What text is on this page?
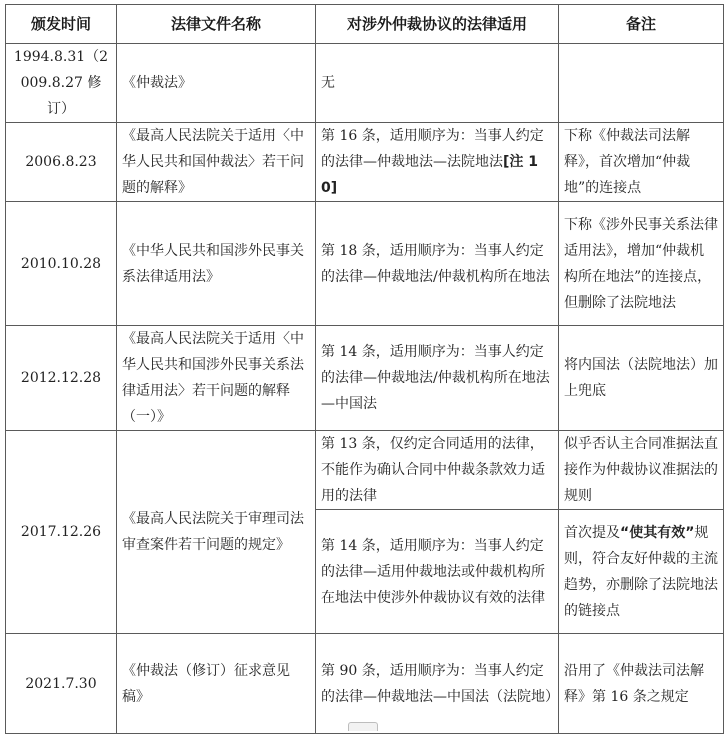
颁发时间	法律文件名称	对涉外仲裁协议的法律适用	备注
1994.8.31（2009.8.27 修订）	《仲裁法》	无	
2006.8.23	《最高人民法院关于适用〈中华人民共和国仲裁法〉若干问题的解释》	第 16 条，适用顺序为：当事人约定的法律—仲裁地法—法院地法[注 10]	下称《仲裁法司法解释》，首次增加“仲裁地”的连接点
2010.10.28	《中华人民共和国涉外民事关系法律适用法》	第 18 条，适用顺序为：当事人约定的法律—仲裁地法/仲裁机构所在地法	下称《涉外民事关系法律适用法》，增加“仲裁机构所在地法”的连接点，但删除了法院地法
2012.12.28	《最高人民法院关于适用〈中华人民共和国涉外民事关系法律适用法〉若干问题的解释（一）》	第 14 条，适用顺序为：当事人约定的法律—仲裁地法/仲裁机构所在地法—中国法	将内国法（法院地法）加上兜底
2017.12.26	《最高人民法院关于审理司法审查案件若干问题的规定》	第 13 条，仅约定合同适用的法律，不能作为确认合同中仲裁条款效力适用的法律	似乎否认主合同准据法直接作为仲裁协议准据法的规则
		第 14 条，适用顺序为：当事人约定的法律—适用仲裁地法或仲裁机构所在地法中使涉外仲裁协议有效的法律	首次提及“使其有效”规则，符合友好仲裁的主流趋势，亦删除了法院地法的链接点
2021.7.30	《仲裁法（修订）征求意见稿》	第 90 条，适用顺序为：当事人约定的法律—仲裁地法—中国法（法院地）	沿用了《仲裁法司法解释》第 16 条之规定
